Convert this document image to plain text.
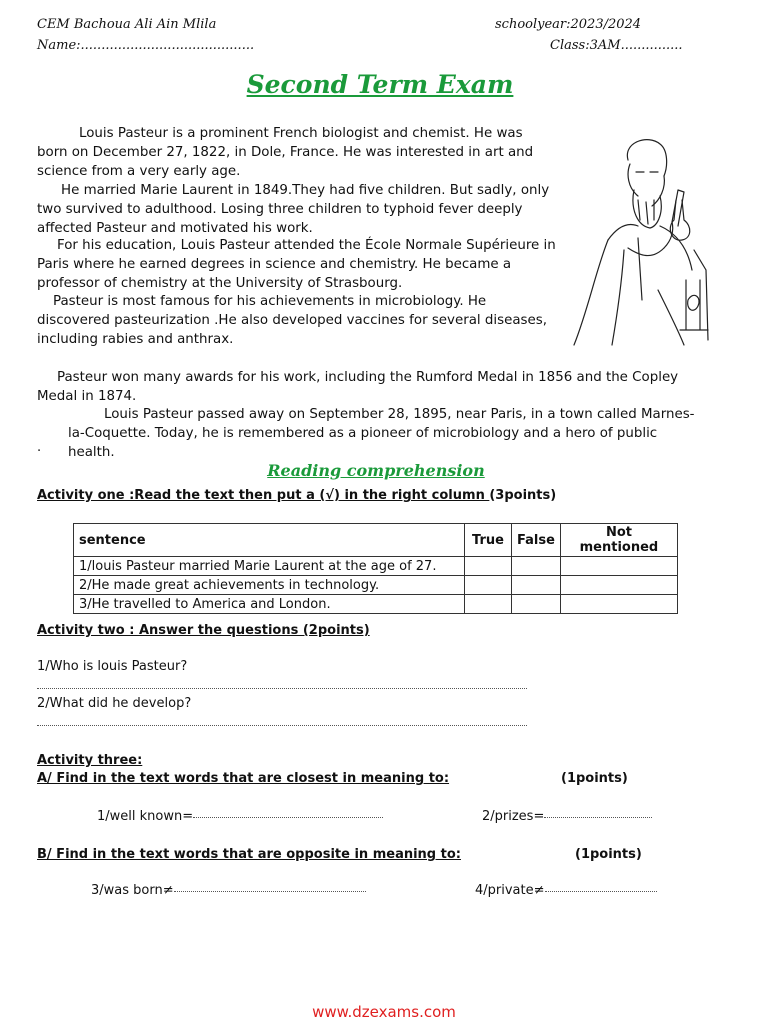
CEM Bachoua Ali Ain Mlila	schoolyear:2023/2024
Name:..........................................	Class:3AM...............
Second Term Exam
Louis Pasteur is a prominent French biologist and chemist. He was born on December 27, 1822, in Dole, France. He was interested in art and science from a very early age.
He married Marie Laurent in 1849.They had five children. But sadly, only two survived to adulthood. Losing three children to typhoid fever deeply affected Pasteur and motivated his work.
For his education, Louis Pasteur attended the École Normale Supérieure in Paris where he earned degrees in science and chemistry. He became a professor of chemistry at the University of Strasbourg.
Pasteur is most famous for his achievements in microbiology. He discovered pasteurization .He also developed vaccines for several diseases, including rabies and anthrax.
Pasteur won many awards for his work, including the Rumford Medal in 1856 and the Copley Medal in 1874.
Louis Pasteur passed away on September 28, 1895, near Paris, in a town called Marnes-la-Coquette. Today, he is remembered as a pioneer of microbiology and a hero of public health.
.
Reading comprehension
Activity one :Read the text then put a (√) in the right column (3points)
sentence	True	False	Not mentioned
1/louis Pasteur married Marie Laurent at the age of 27.			
2/He made great achievements in technology.			
3/He travelled to America and London.			
Activity two : Answer the questions (2points)
1/Who is louis Pasteur?
2/What did he develop?
Activity three:
A/ Find in the text words that are closest in meaning to:	(1points)
1/well known=	2/prizes=
B/ Find in the text words that are opposite in meaning to:	(1points)
3/was born≠	4/private≠
www.dzexams.com
